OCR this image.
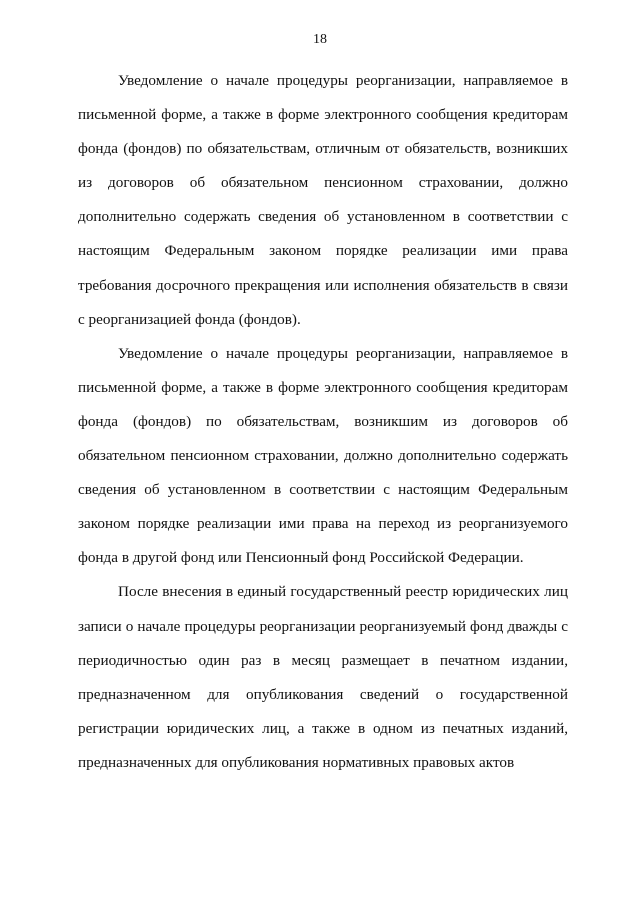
18

Уведомление о начале процедуры реорганизации, направляемое в письменной форме, а также в форме электронного сообщения кредиторам фонда (фондов) по обязательствам, отличным от обязательств, возникших из договоров об обязательном пенсионном страховании, должно дополнительно содержать сведения об установленном в соответствии с настоящим Федеральным законом порядке реализации ими права требования досрочного прекращения или исполнения обязательств в связи с реорганизацией фонда (фондов).

Уведомление о начале процедуры реорганизации, направляемое в письменной форме, а также в форме электронного сообщения кредиторам фонда (фондов) по обязательствам, возникшим из договоров об обязательном пенсионном страховании, должно дополнительно содержать сведения об установленном в соответствии с настоящим Федеральным законом порядке реализации ими права на переход из реорганизуемого фонда в другой фонд или Пенсионный фонд Российской Федерации.

После внесения в единый государственный реестр юридических лиц записи о начале процедуры реорганизации реорганизуемый фонд дважды с периодичностью один раз в месяц размещает в печатном издании, предназначенном для опубликования сведений о государственной регистрации юридических лиц, а также в одном из печатных изданий, предназначенных для опубликования нормативных правовых актов
